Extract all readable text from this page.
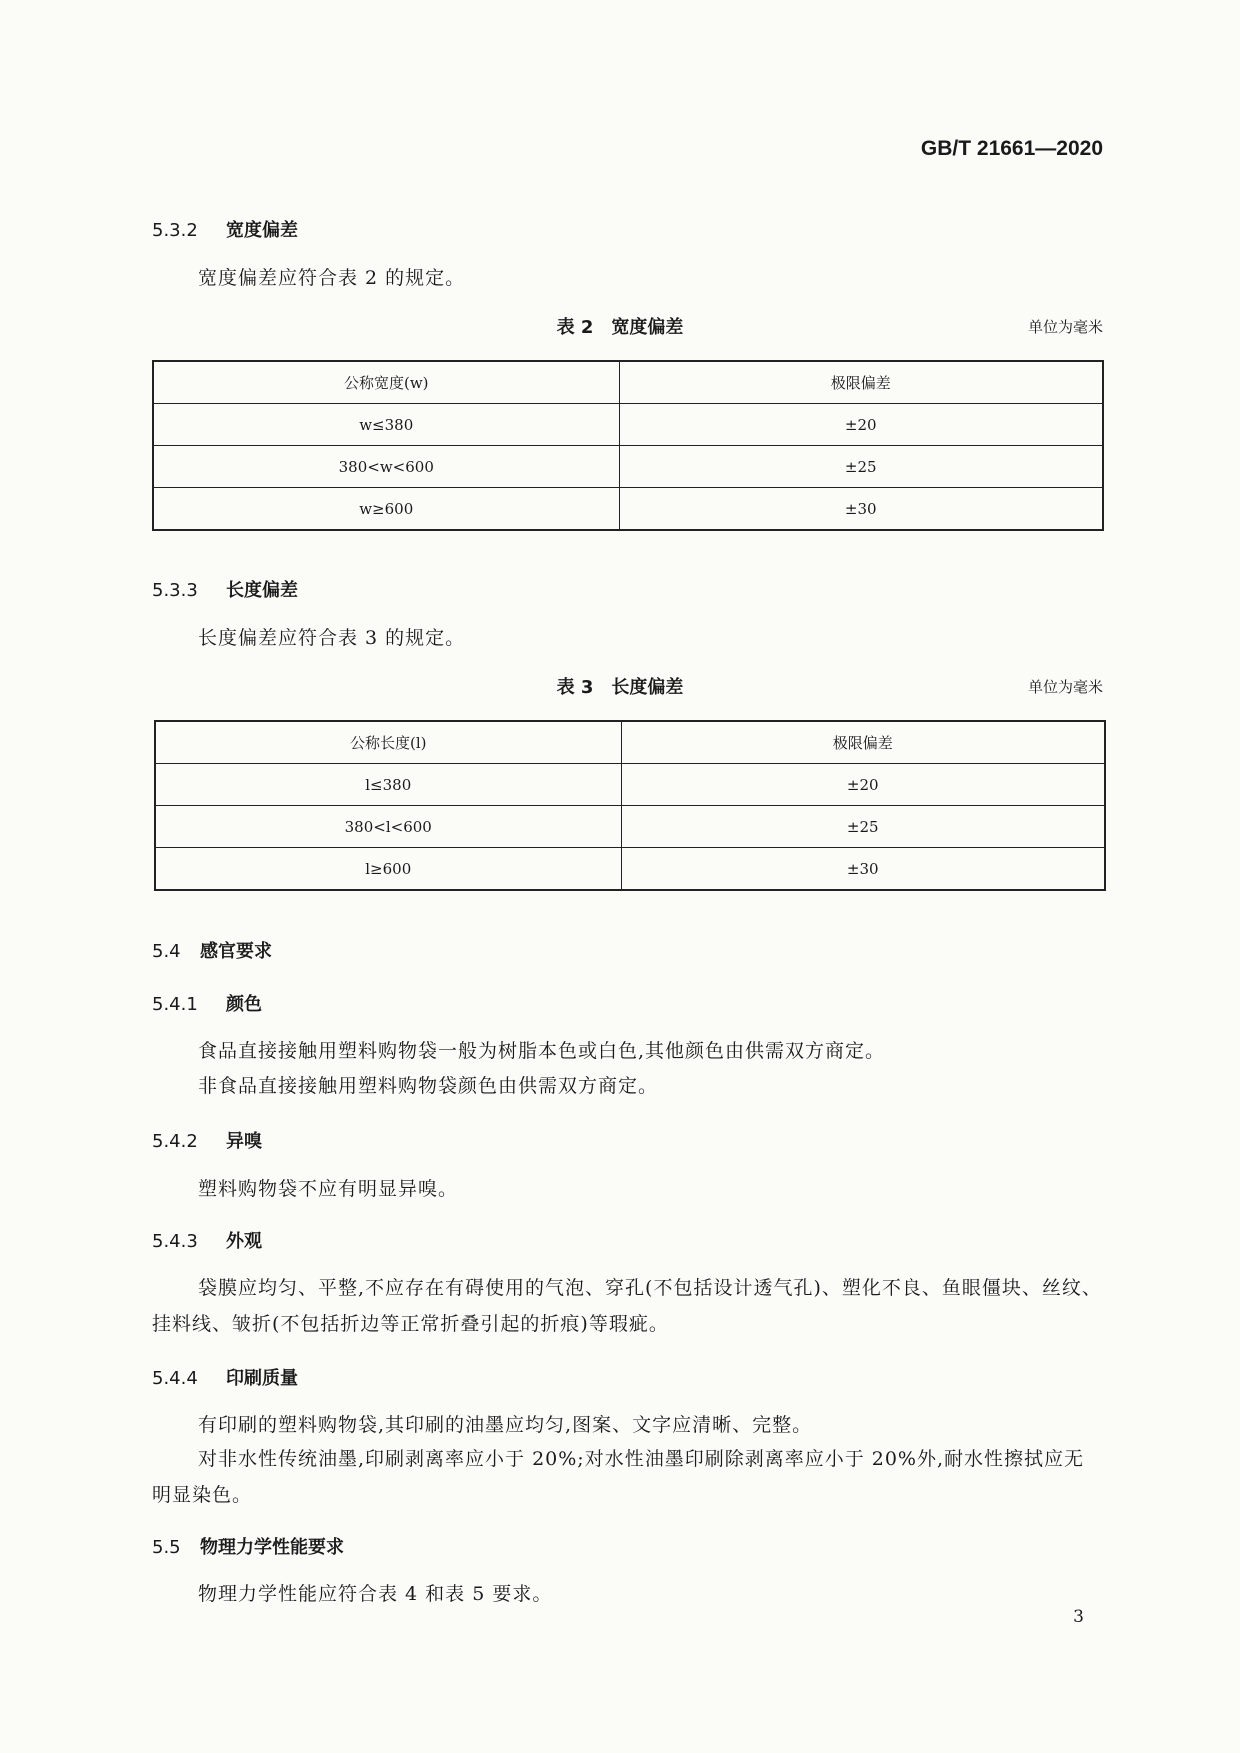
GB/T 21661—2020
5.3.2 宽度偏差
宽度偏差应符合表 2 的规定。
表 2　宽度偏差	单位为毫米
公称宽度(w)	极限偏差
w≤380	±20
380<w<600	±25
w≥600	±30
5.3.3 长度偏差
长度偏差应符合表 3 的规定。
表 3　长度偏差	单位为毫米
公称长度(l)	极限偏差
l≤380	±20
380<l<600	±25
l≥600	±30
5.4 感官要求
5.4.1 颜色
食品直接接触用塑料购物袋一般为树脂本色或白色,其他颜色由供需双方商定。
非食品直接接触用塑料购物袋颜色由供需双方商定。
5.4.2 异嗅
塑料购物袋不应有明显异嗅。
5.4.3 外观
袋膜应均匀、平整,不应存在有碍使用的气泡、穿孔(不包括设计透气孔)、塑化不良、鱼眼僵块、丝纹、挂料线、皱折(不包括折边等正常折叠引起的折痕)等瑕疵。
5.4.4 印刷质量
有印刷的塑料购物袋,其印刷的油墨应均匀,图案、文字应清晰、完整。
对非水性传统油墨,印刷剥离率应小于 20%;对水性油墨印刷除剥离率应小于 20%外,耐水性擦拭应无明显染色。
5.5 物理力学性能要求
物理力学性能应符合表 4 和表 5 要求。
3
